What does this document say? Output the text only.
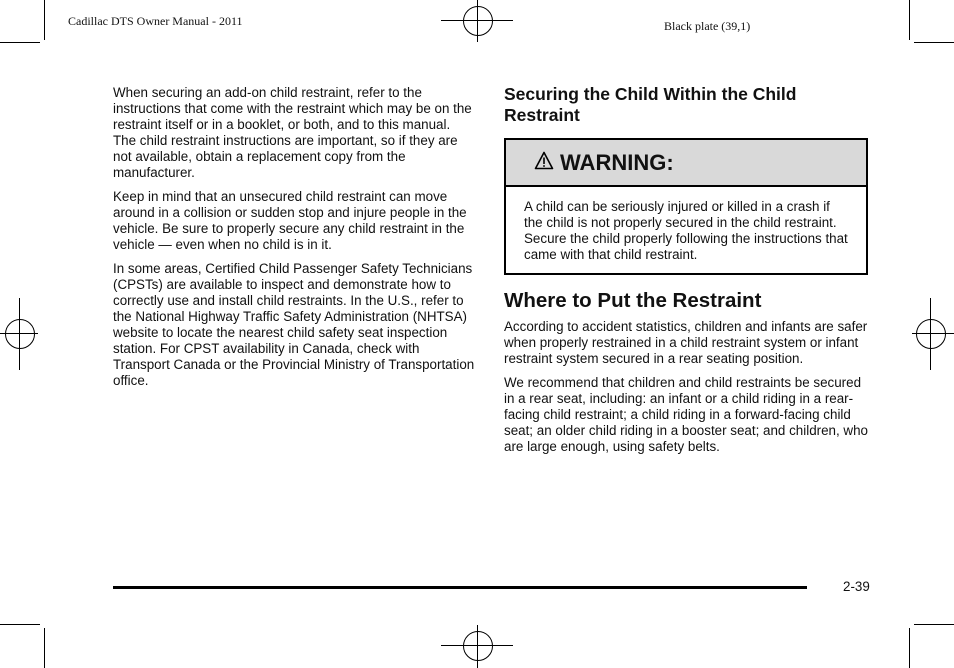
Cadillac DTS Owner Manual - 2011	Black plate (39,1)

When securing an add-on child restraint, refer to the instructions that come with the restraint which may be on the restraint itself or in a booklet, or both, and to this manual. The child restraint instructions are important, so if they are not available, obtain a replacement copy from the manufacturer.

Keep in mind that an unsecured child restraint can move around in a collision or sudden stop and injure people in the vehicle. Be sure to properly secure any child restraint in the vehicle — even when no child is in it.

In some areas, Certified Child Passenger Safety Technicians (CPSTs) are available to inspect and demonstrate how to correctly use and install child restraints. In the U.S., refer to the National Highway Traffic Safety Administration (NHTSA) website to locate the nearest child safety seat inspection station. For CPST availability in Canada, check with Transport Canada or the Provincial Ministry of Transportation office.

Securing the Child Within the Child Restraint
WARNING:
A child can be seriously injured or killed in a crash if the child is not properly secured in the child restraint. Secure the child properly following the instructions that came with that child restraint.
Where to Put the Restraint

According to accident statistics, children and infants are safer when properly restrained in a child restraint system or infant restraint system secured in a rear seating position.

We recommend that children and child restraints be secured in a rear seat, including: an infant or a child riding in a rear-facing child restraint; a child riding in a forward-facing child seat; an older child riding in a booster seat; and children, who are large enough, using safety belts.

2-39
